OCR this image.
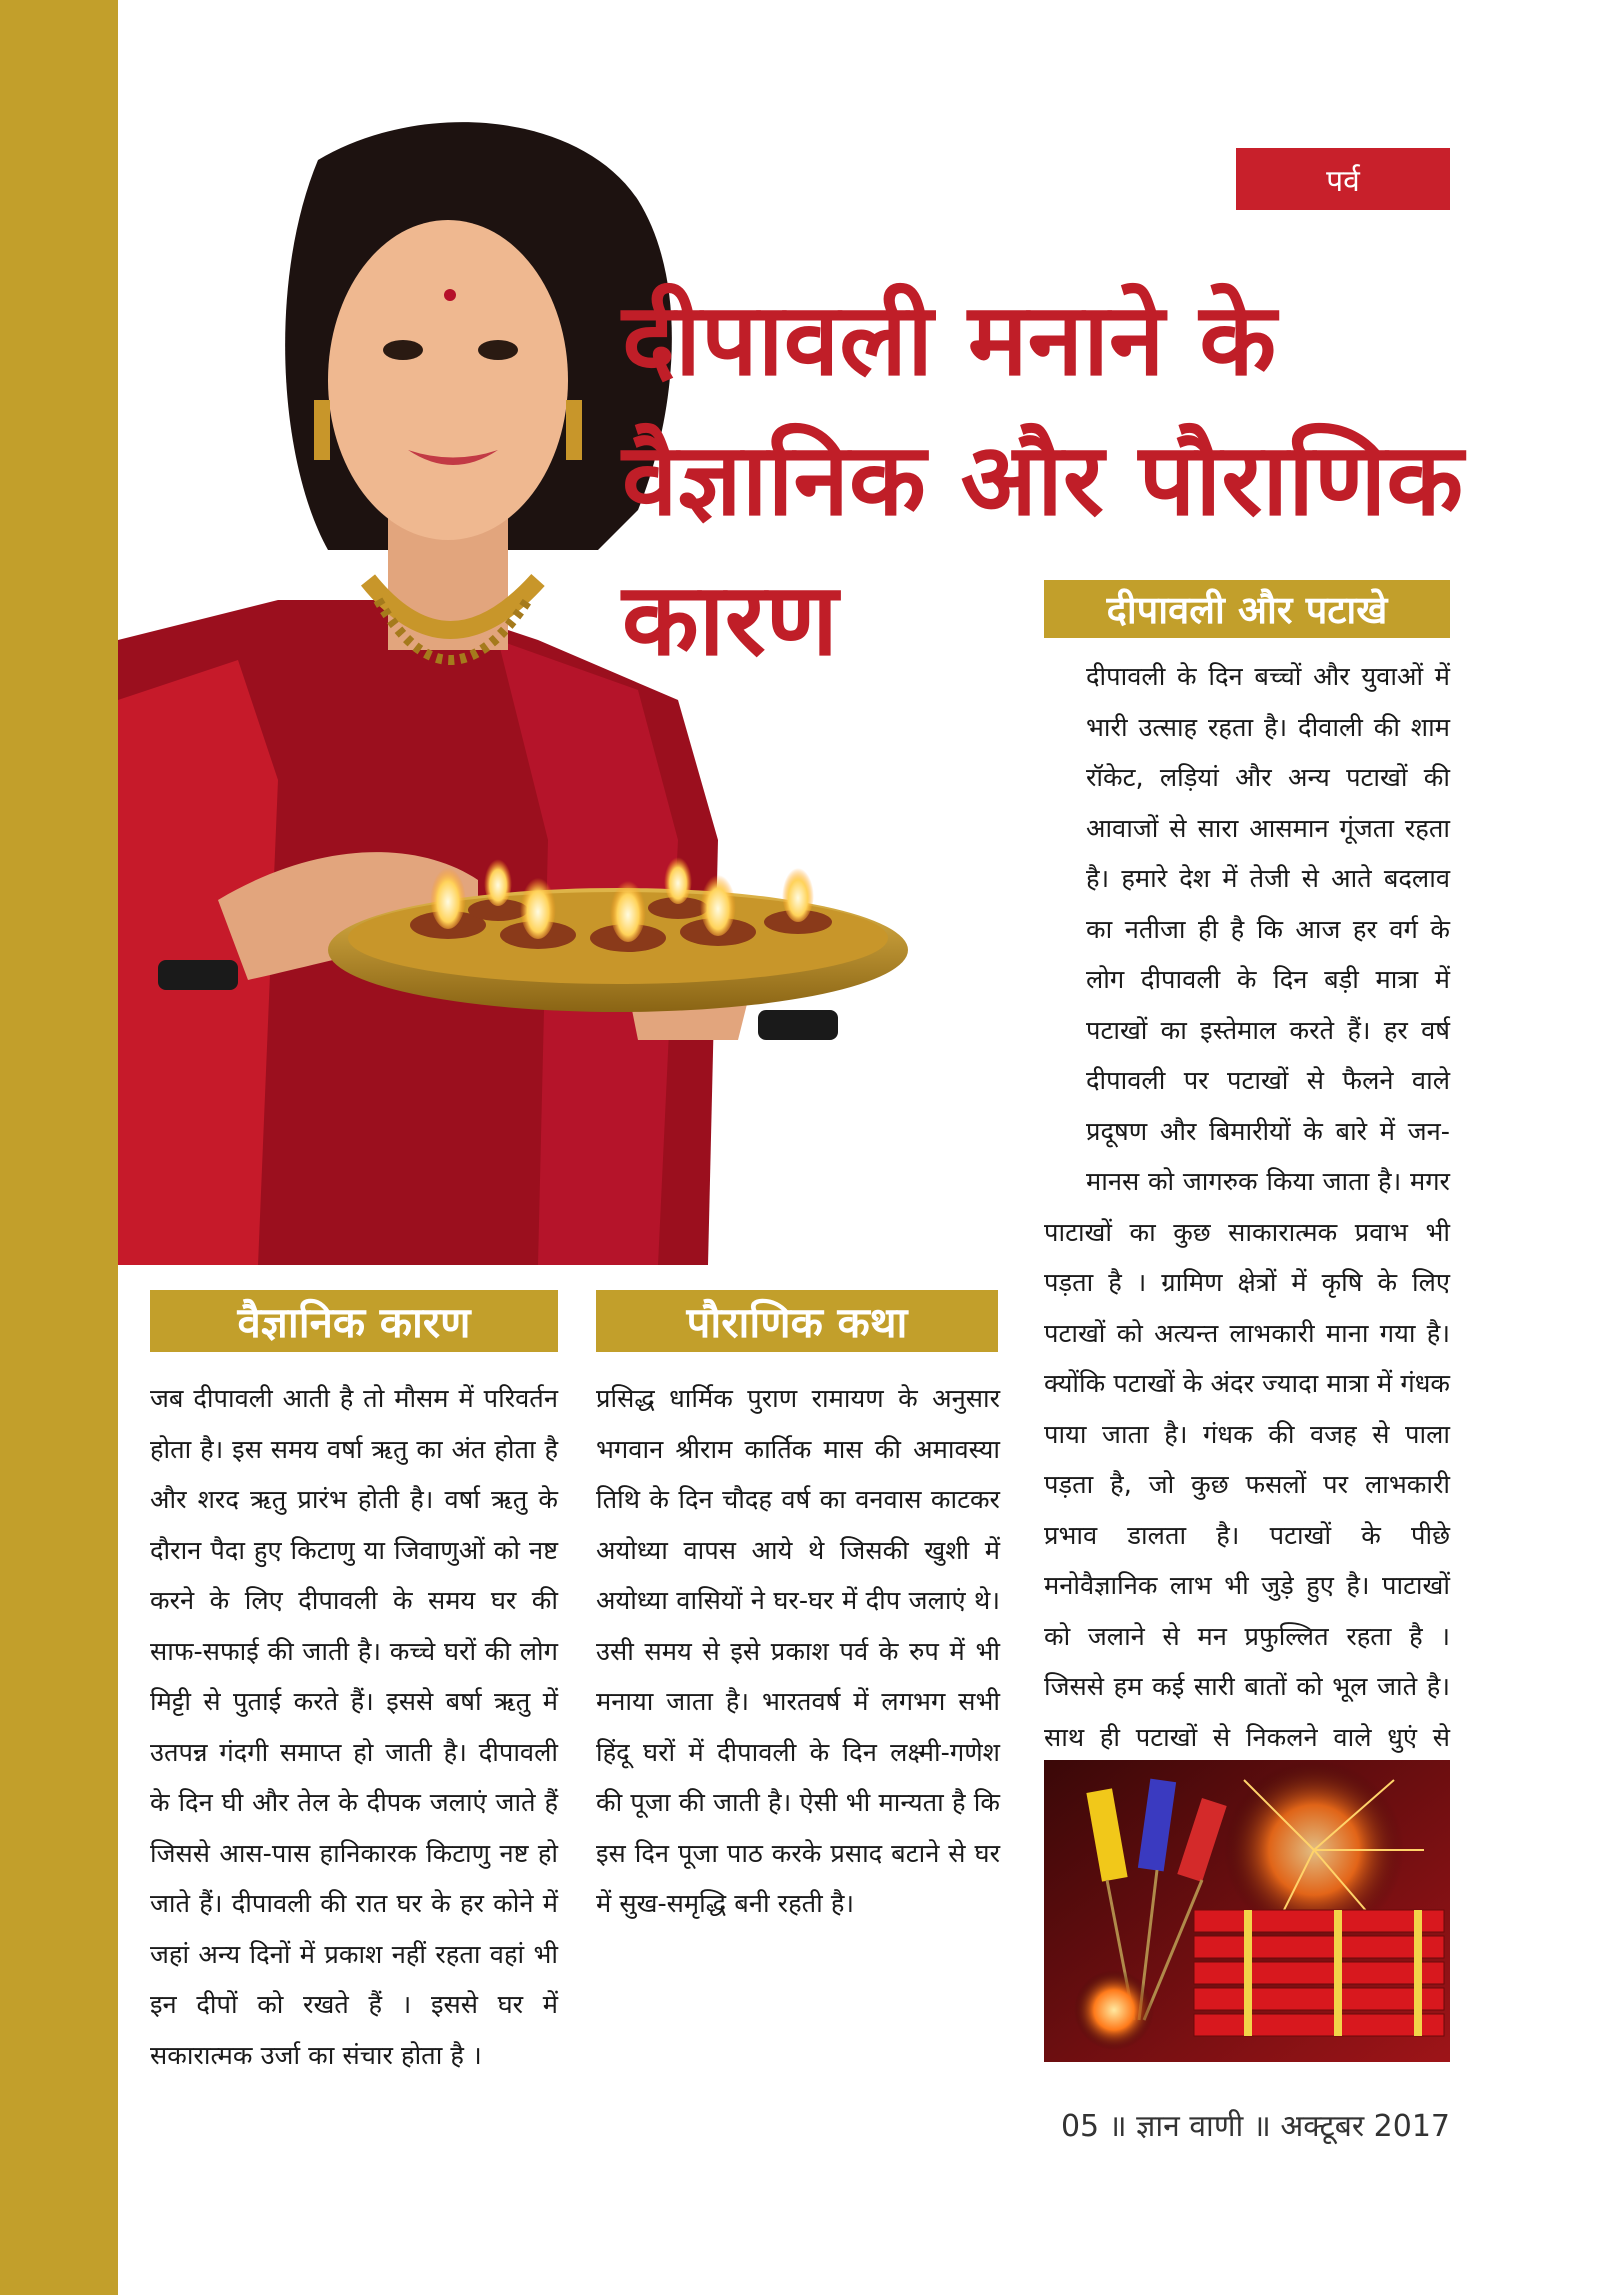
पर्व
दीपावली मनाने के वैज्ञानिक और पौराणिक कारण	दीपावली और पटाखे
दीपावली के दिन बच्चों और युवाओं में भारी उत्साह रहता है। दीवाली की शाम रॉकेट, लड़ियां और अन्य पटाखों की आवाजों से सारा आसमान गूंजता रहता है। हमारे देश में तेजी से आते बदलाव का नतीजा ही है कि आज हर वर्ग के लोग दीपावली के दिन बड़ी मात्रा में पटाखों का इस्तेमाल करते हैं। हर वर्ष दीपावली पर पटाखों से फैलने वाले प्रदूषण और बिमारीयों के बारे में जन-मानस को जागरुक किया जाता है। मगर पाटाखों का कुछ साकारात्मक प्रवाभ भी पड़ता है । ग्रामिण क्षेत्रों में कृषि के लिए पटाखों को अत्यन्त लाभकारी माना गया है। क्योंकि पटाखों के अंदर ज्यादा मात्रा में गंधक पाया जाता है। गंधक की वजह से पाला पड़ता है, जो कुछ फसलों पर लाभकारी प्रभाव डालता है। पटाखों के पीछे मनोवैज्ञानिक लाभ भी जुड़े हुए है। पाटाखों को जलाने से मन प्रफुल्लित रहता है । जिससे हम कई सारी बातों को भूल जाते है। साथ ही पटाखों से निकलने वाले धुएं से
वैज्ञानिक कारण
जब दीपावली आती है तो मौसम में परिवर्तन होता है। इस समय वर्षा ऋतु का अंत होता है और शरद ऋतु प्रारंभ होती है। वर्षा ऋतु के दौरान पैदा हुए किटाणु या जिवाणुओं को नष्ट करने के लिए दीपावली के समय घर की साफ-सफाई की जाती है। कच्चे घरों की लोग मिट्टी से पुताई करते हैं। इससे बर्षा ऋतु में उतपन्न गंदगी समाप्त हो जाती है। दीपावली के दिन घी और तेल के दीपक जलाएं जाते हैं जिससे आस-पास हानिकारक किटाणु नष्ट हो जाते हैं। दीपावली की रात घर के हर कोने में जहां अन्य दिनों में प्रकाश नहीं रहता वहां भी इन दीपों को रखते हैं । इससे घर में सकारात्मक उर्जा का संचार होता है ।
पौराणिक कथा
प्रसिद्ध धार्मिक पुराण रामायण के अनुसार भगवान श्रीराम कार्तिक मास की अमावस्या तिथि के दिन चौदह वर्ष का वनवास काटकर अयोध्या वापस आये थे जिसकी खुशी में अयोध्या वासियों ने घर-घर में दीप जलाएं थे। उसी समय से इसे प्रकाश पर्व के रुप में भी मनाया जाता है। भारतवर्ष में लगभग सभी हिंदू घरों में दीपावली के दिन लक्ष्मी-गणेश की पूजा की जाती है। ऐसी भी मान्यता है कि इस दिन पूजा पाठ करके प्रसाद बटाने से घर में सुख-समृद्धि बनी रहती है।
05 ॥ ज्ञान वाणी ॥ अक्टूबर 2017
